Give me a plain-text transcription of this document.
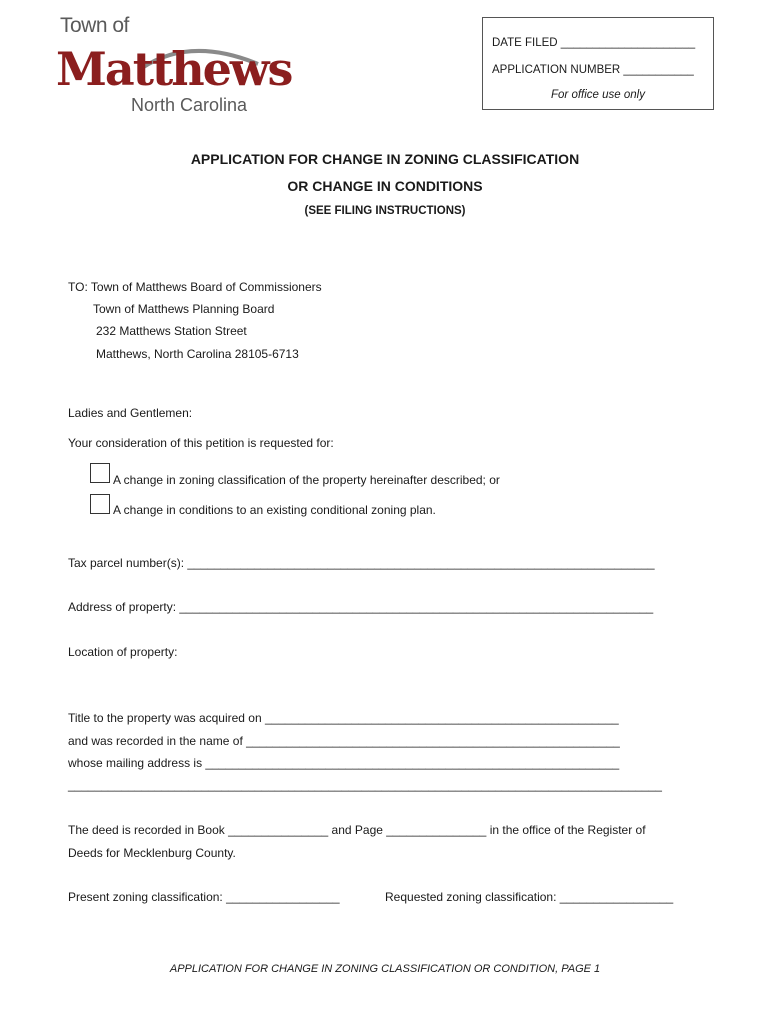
Town of
Matthews
North Carolina
DATE FILED _____________________
APPLICATION NUMBER ___________
For office use only
APPLICATION FOR CHANGE IN ZONING CLASSIFICATION
OR CHANGE IN CONDITIONS
(SEE FILING INSTRUCTIONS)
TO: Town of Matthews Board of Commissioners
Town of Matthews Planning Board
232 Matthews Station Street
Matthews, North Carolina 28105-6713
Ladies and Gentlemen:
Your consideration of this petition is requested for:
A change in zoning classification of the property hereinafter described; or
A change in conditions to an existing conditional zoning plan.
Tax parcel number(s): ______________________________________________________________________
Address of property: _______________________________________________________________________
Location of property:
Title to the property was acquired on _____________________________________________________
and was recorded in the name of ________________________________________________________
whose mailing address is ______________________________________________________________
_________________________________________________________________________________________
The deed is recorded in Book _______________ and Page _______________ in the office of the Register of
Deeds for Mecklenburg County.
Present zoning classification: _________________	Requested zoning classification: _________________
APPLICATION FOR CHANGE IN ZONING CLASSIFICATION OR CONDITION, PAGE 1
